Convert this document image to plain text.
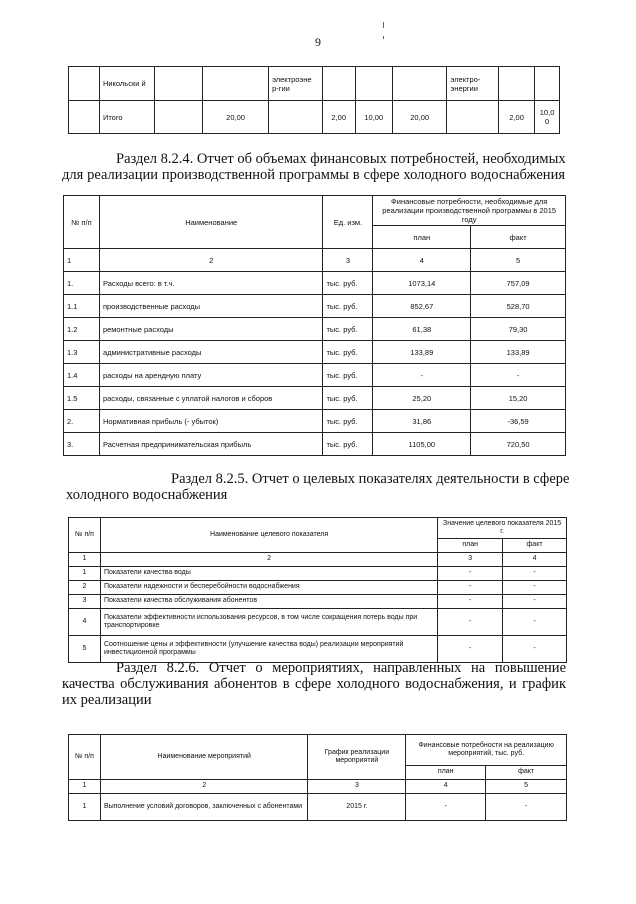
9
	Никольски й			электроэне р-гии				электро-энергии		
	Итого		20,00		2,00	10,00	20,00		2,00	10,0 0
Раздел 8.2.4. Отчет об объемах финансовых потребностей, необходимых
для реализации производственной программы в сфере холодного водоснабжения
№ п/п	Наименование	Ед. изм.	Финансовые потребности, необходимые для реализации производственной программы в 2015 году	
			план	факт
1	2	3	4	5
1.	Расходы всего: в т.ч.	тыс. руб.	1073,14	757,09
1.1	производственные расходы	тыс. руб.	852,67	528,70
1.2	ремонтные расходы	тыс. руб.	61,38	79,30
1.3	административные расходы	тыс. руб.	133,89	133,89
1.4	расходы на арендную плату	тыс. руб.	-	-
1.5	расходы, связанные с уплатой налогов и сборов	тыс. руб.	25,20	15,20
2.	Нормативная прибыль (- убыток)	тыс. руб.	31,86	-36,59
3.	Расчетная предпринимательская прибыль	тыс. руб.	1105,00	720,50
Раздел 8.2.5. Отчет о целевых показателях деятельности в сфере
холодного водоснабжения
№ п/п	Наименование целевого показателя	Значение целевого показателя 2015 г.	
		план	факт
1	2	3	4
1	Показатели качества воды	-	-
2	Показатели надежности и бесперебойности водоснабжения	-	-
3	Показатели качества обслуживания абонентов	-	-
4	Показатели эффективности использования ресурсов, в том числе сокращения потерь воды при транспортировке	-	-
5	Соотношение цены и эффективности (улучшение качества воды) реализации мероприятий инвестиционной программы	-	-
Раздел 8.2.6. Отчет о мероприятиях, направленных на повышение
качества обслуживания абонентов в сфере холодного водоснабжения, и график
их реализации
№ п/п	Наименование мероприятий	График реализации мероприятий	Финансовые потребности на реализацию мероприятий, тыс. руб.	
			план	факт
1	2	3	4	5
1	Выполнение условий договоров, заключенных с абонентами	2015 г.	-	-
